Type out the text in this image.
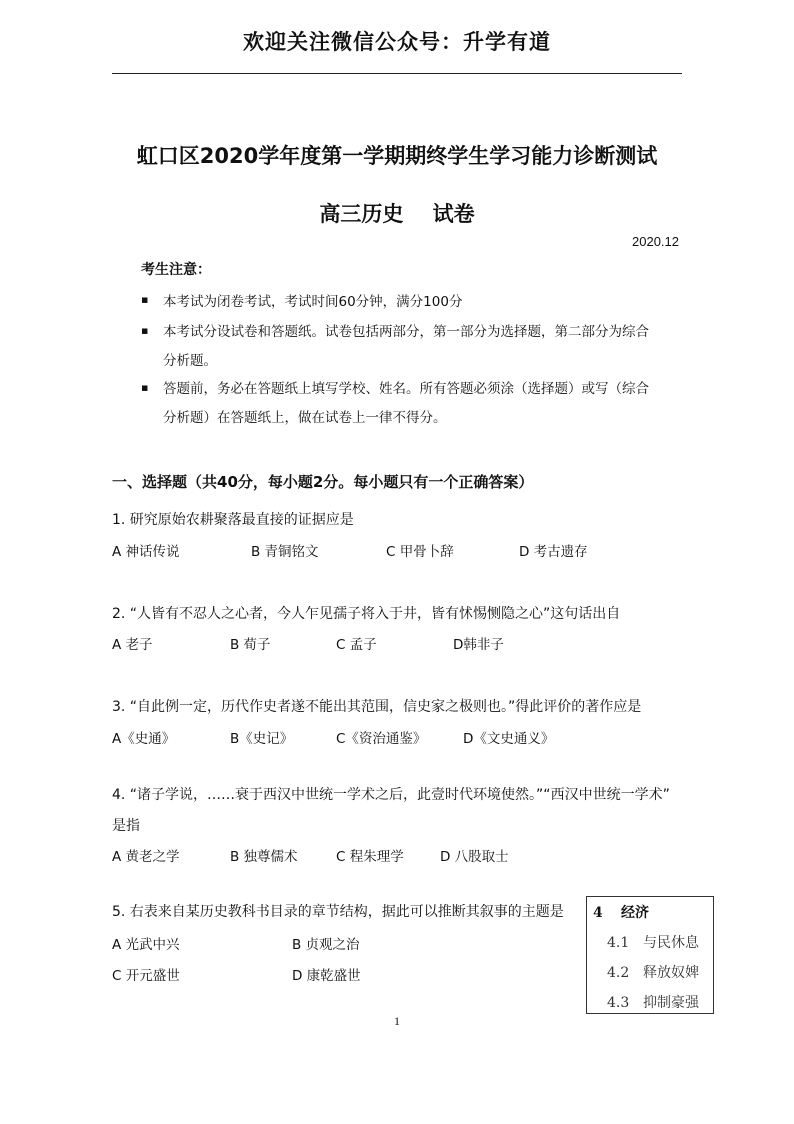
欢迎关注微信公众号：升学有道
虹口区2020学年度第一学期期终学生学习能力诊断测试
高三历史    试卷
2020.12
考生注意：
▪ 本考试为闭卷考试，考试时间60分钟，满分100分
▪ 本考试分设试卷和答题纸。试卷包括两部分，第一部分为选择题，第二部分为综合
分析题。
▪ 答题前，务必在答题纸上填写学校、姓名。所有答题必须涂（选择题）或写（综合
分析题）在答题纸上，做在试卷上一律不得分。
一、选择题（共40分，每小题2分。每小题只有一个正确答案）
1. 研究原始农耕聚落最直接的证据应是
A 神话传说	B 青铜铭文	C 甲骨卜辞	D 考古遗存
2. “人皆有不忍人之心者，今人乍见孺子将入于井，皆有怵惕恻隐之心”这句话出自
A 老子	B 荀子	C 孟子	D韩非子
3. “自此例一定，历代作史者遂不能出其范围，信史家之极则也。”得此评价的著作应是
A《史通》	B《史记》	C《资治通鉴》	D《文史通义》
4. “诸子学说，……衰于西汉中世统一学术之后，此壹时代环境使然。”“西汉中世统一学术”
是指
A 黄老之学	B 独尊儒术	C 程朱理学	D 八股取士
5. 右表来自某历史教科书目录的章节结构，据此可以推断其叙事的主题是
A 光武中兴	B 贞观之治
C 开元盛世	D 康乾盛世
4 经济
4.1 与民休息
4.2 释放奴婢
4.3 抑制豪强
1
